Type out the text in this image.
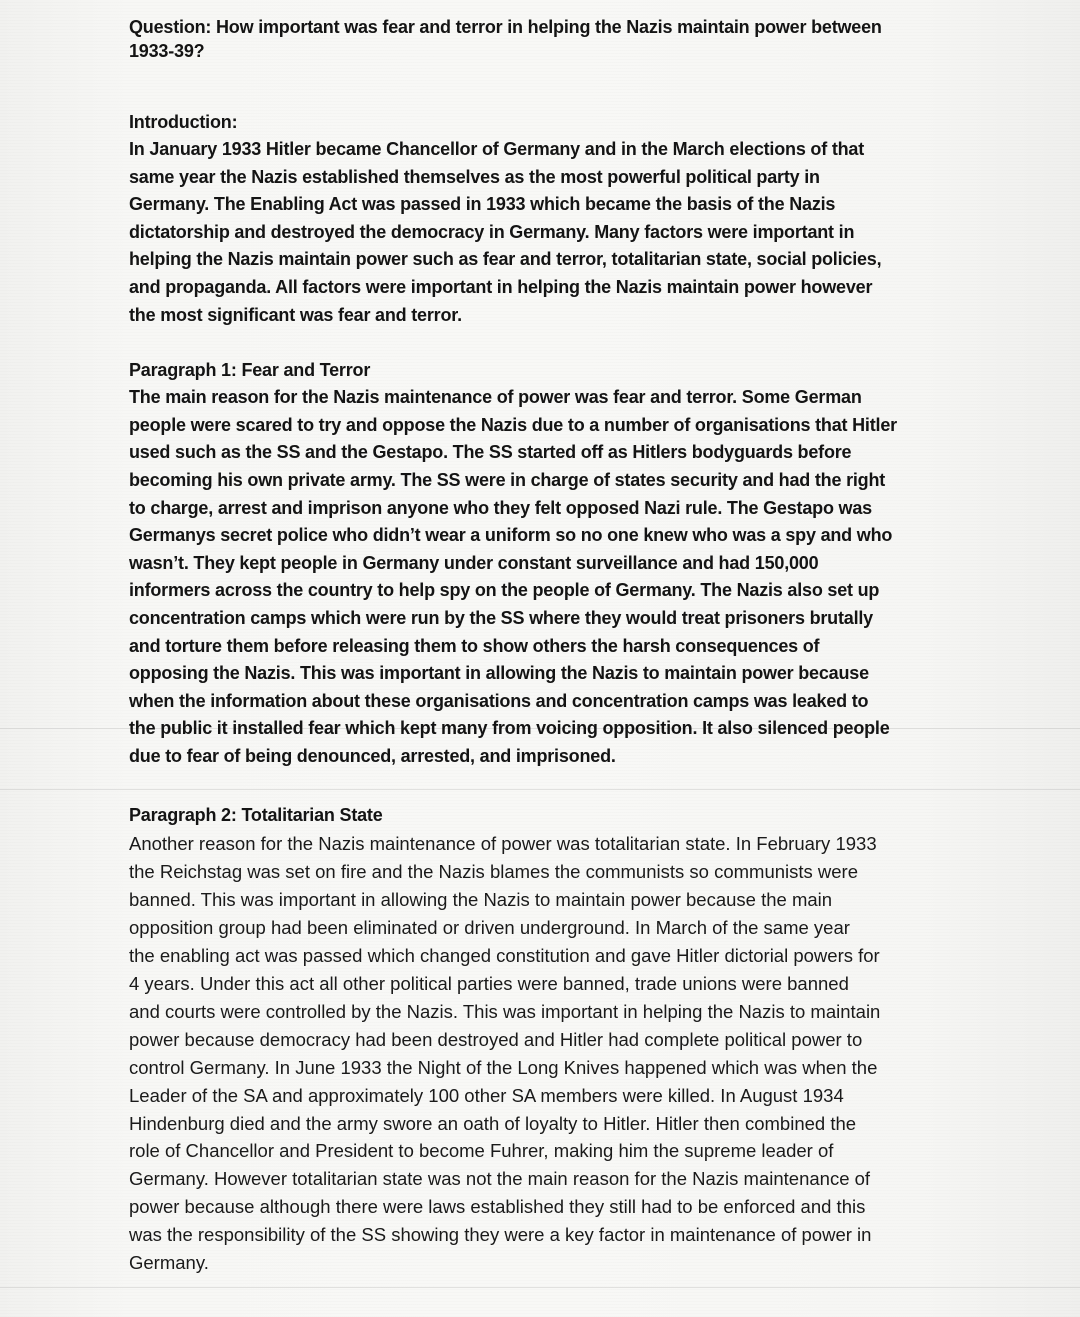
Question: How important was fear and terror in helping the Nazis maintain power between
1933-39?
Introduction:
In January 1933 Hitler became Chancellor of Germany and in the March elections of that
same year the Nazis established themselves as the most powerful political party in
Germany. The Enabling Act was passed in 1933 which became the basis of the Nazis
dictatorship and destroyed the democracy in Germany. Many factors were important in
helping the Nazis maintain power such as fear and terror, totalitarian state, social policies,
and propaganda. All factors were important in helping the Nazis maintain power however
the most significant was fear and terror.
Paragraph 1: Fear and Terror
The main reason for the Nazis maintenance of power was fear and terror. Some German
people were scared to try and oppose the Nazis due to a number of organisations that Hitler
used such as the SS and the Gestapo. The SS started off as Hitlers bodyguards before
becoming his own private army. The SS were in charge of states security and had the right
to charge, arrest and imprison anyone who they felt opposed Nazi rule. The Gestapo was
Germanys secret police who didn’t wear a uniform so no one knew who was a spy and who
wasn’t. They kept people in Germany under constant surveillance and had 150,000
informers across the country to help spy on the people of Germany. The Nazis also set up
concentration camps which were run by the SS where they would treat prisoners brutally
and torture them before releasing them to show others the harsh consequences of
opposing the Nazis. This was important in allowing the Nazis to maintain power because
when the information about these organisations and concentration camps was leaked to
the public it installed fear which kept many from voicing opposition. It also silenced people
due to fear of being denounced, arrested, and imprisoned.
Paragraph 2: Totalitarian State
Another reason for the Nazis maintenance of power was totalitarian state. In February 1933
the Reichstag was set on fire and the Nazis blames the communists so communists were
banned. This was important in allowing the Nazis to maintain power because the main
opposition group had been eliminated or driven underground. In March of the same year
the enabling act was passed which changed constitution and gave Hitler dictorial powers for
4 years. Under this act all other political parties were banned, trade unions were banned
and courts were controlled by the Nazis. This was important in helping the Nazis to maintain
power because democracy had been destroyed and Hitler had complete political power to
control Germany. In June 1933 the Night of the Long Knives happened which was when the
Leader of the SA and approximately 100 other SA members were killed. In August 1934
Hindenburg died and the army swore an oath of loyalty to Hitler. Hitler then combined the
role of Chancellor and President to become Fuhrer, making him the supreme leader of
Germany. However totalitarian state was not the main reason for the Nazis maintenance of
power because although there were laws established they still had to be enforced and this
was the responsibility of the SS showing they were a key factor in maintenance of power in
Germany.
